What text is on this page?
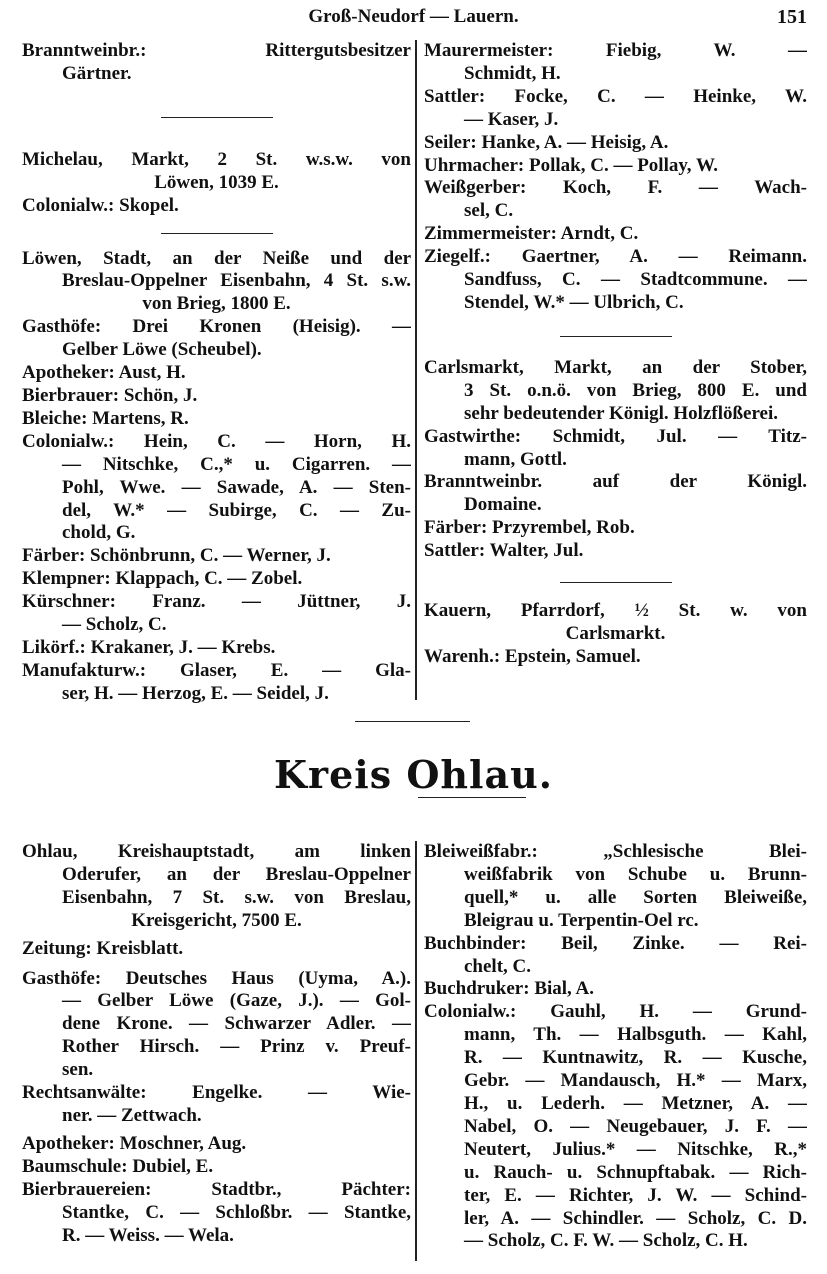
Groß-Neudorf — Lauern.	151
Branntweinbr.: Rittergutsbesitzer
Gärtner.
Michelau, Markt, 2 St. w.s.w. von
Löwen, 1039 E.
Colonialw.: Skopel.
Löwen, Stadt, an der Neiße und der
Breslau-Oppelner Eisenbahn, 4 St. s.w.
von Brieg, 1800 E.
Gasthöfe: Drei Kronen (Heisig). —
Gelber Löwe (Scheubel).
Apotheker: Aust, H.
Bierbrauer: Schön, J.
Bleiche: Martens, R.
Colonialw.: Hein, C. — Horn, H.
— Nitschke, C.,* u. Cigarren. —
Pohl, Wwe. — Sawade, A. — Sten-
del, W.* — Subirge, C. — Zu-
chold, G.
Färber: Schönbrunn, C. — Werner, J.
Klempner: Klappach, C. — Zobel.
Kürschner: Franz. — Jüttner, J.
— Scholz, C.
Likörf.: Krakaner, J. — Krebs.
Manufakturw.: Glaser, E. — Gla-
ser, H. — Herzog, E. — Seidel, J.
Maurermeister: Fiebig, W. —
Schmidt, H.
Sattler: Focke, C. — Heinke, W.
— Kaser, J.
Seiler: Hanke, A. — Heisig, A.
Uhrmacher: Pollak, C. — Pollay, W.
Weißgerber: Koch, F. — Wach-
sel, C.
Zimmermeister: Arndt, C.
Ziegelf.: Gaertner, A. — Reimann.
Sandfuss, C. — Stadtcommune. —
Stendel, W.* — Ulbrich, C.
Carlsmarkt, Markt, an der Stober,
3 St. o.n.ö. von Brieg, 800 E. und
sehr bedeutender Königl. Holzflößerei.
Gastwirthe: Schmidt, Jul. — Titz-
mann, Gottl.
Branntweinbr. auf der Königl.
Domaine.
Färber: Przyrembel, Rob.
Sattler: Walter, Jul.
Kauern, Pfarrdorf, ½ St. w. von
Carlsmarkt.
Warenh.: Epstein, Samuel.
Kreis Ohlau.
Ohlau, Kreishauptstadt, am linken
Oderufer, an der Breslau-Oppelner
Eisenbahn, 7 St. s.w. von Breslau,
Kreisgericht, 7500 E.
Zeitung: Kreisblatt.
Gasthöfe: Deutsches Haus (Uyma, A.).
— Gelber Löwe (Gaze, J.). — Gol-
dene Krone. — Schwarzer Adler. —
Rother Hirsch. — Prinz v. Preuf-
sen.
Rechtsanwälte: Engelke. — Wie-
ner. — Zettwach.
Apotheker: Moschner, Aug.
Baumschule: Dubiel, E.
Bierbrauereien: Stadtbr., Pächter:
Stantke, C. — Schloßbr. — Stantke,
R. — Weiss. — Wela.
Bleiweißfabr.: „Schlesische Blei-
weißfabrik von Schube u. Brunn-
quell,* u. alle Sorten Bleiweiße,
Bleigrau u. Terpentin-Oel rc.
Buchbinder: Beil, Zinke. — Rei-
chelt, C.
Buchdruker: Bial, A.
Colonialw.: Gauhl, H. — Grund-
mann, Th. — Halbsguth. — Kahl,
R. — Kuntnawitz, R. — Kusche,
Gebr. — Mandausch, H.* — Marx,
H., u. Lederh. — Metzner, A. —
Nabel, O. — Neugebauer, J. F. —
Neutert, Julius.* — Nitschke, R.,*
u. Rauch- u. Schnupftabak. — Rich-
ter, E. — Richter, J. W. — Schind-
ler, A. — Schindler. — Scholz, C. D.
— Scholz, C. F. W. — Scholz, C. H.
